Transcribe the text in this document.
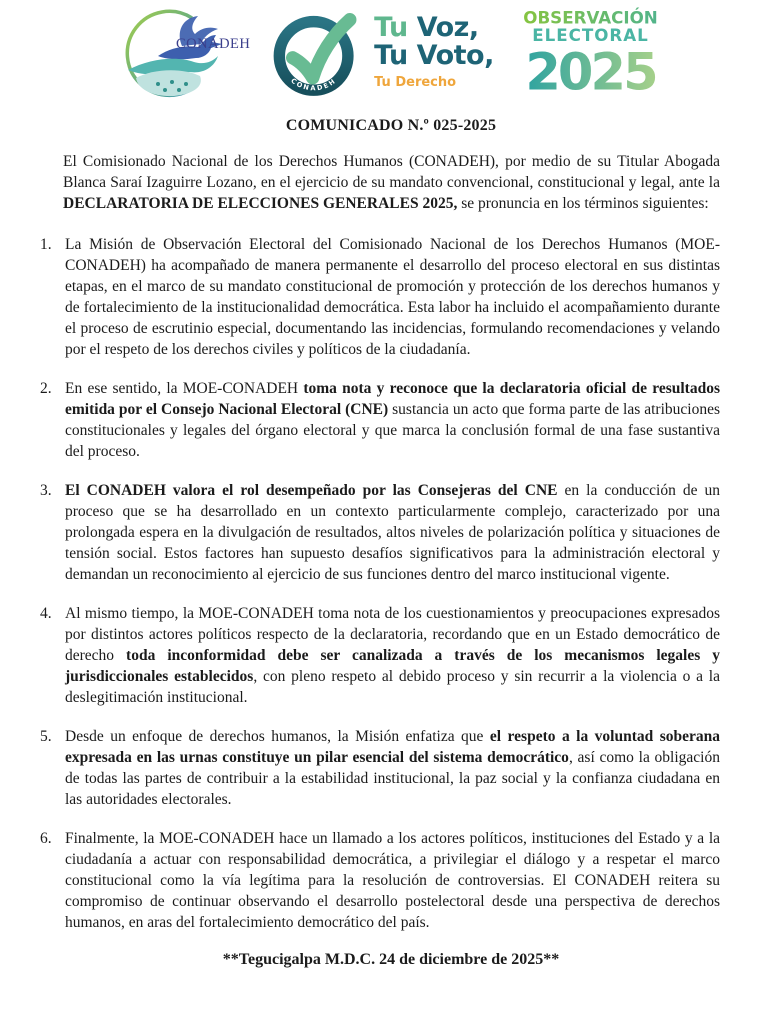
CONADEH
CONADEH
Tu Voz,
Tu Voto,
Tu Derecho
OBSERVACIÓN
ELECTORAL
2025
COMUNICADO N.º 025-2025

El Comisionado Nacional de los Derechos Humanos (CONADEH), por medio de su Titular Abogada Blanca Saraí Izaguirre Lozano, en el ejercicio de su mandato convencional, constitucional y legal, ante la DECLARATORIA DE ELECCIONES GENERALES 2025, se pronuncia en los términos siguientes:

1. La Misión de Observación Electoral del Comisionado Nacional de los Derechos Humanos (MOE-CONADEH) ha acompañado de manera permanente el desarrollo del proceso electoral en sus distintas etapas, en el marco de su mandato constitucional de promoción y protección de los derechos humanos y de fortalecimiento de la institucionalidad democrática. Esta labor ha incluido el acompañamiento durante el proceso de escrutinio especial, documentando las incidencias, formulando recomendaciones y velando por el respeto de los derechos civiles y políticos de la ciudadanía.
2. En ese sentido, la MOE-CONADEH toma nota y reconoce que la declaratoria oficial de resultados emitida por el Consejo Nacional Electoral (CNE) sustancia un acto que forma parte de las atribuciones constitucionales y legales del órgano electoral y que marca la conclusión formal de una fase sustantiva del proceso.
3. El CONADEH valora el rol desempeñado por las Consejeras del CNE en la conducción de un proceso que se ha desarrollado en un contexto particularmente complejo, caracterizado por una prolongada espera en la divulgación de resultados, altos niveles de polarización política y situaciones de tensión social. Estos factores han supuesto desafíos significativos para la administración electoral y demandan un reconocimiento al ejercicio de sus funciones dentro del marco institucional vigente.
4. Al mismo tiempo, la MOE-CONADEH toma nota de los cuestionamientos y preocupaciones expresados por distintos actores políticos respecto de la declaratoria, recordando que en un Estado democrático de derecho toda inconformidad debe ser canalizada a través de los mecanismos legales y jurisdiccionales establecidos, con pleno respeto al debido proceso y sin recurrir a la violencia o a la deslegitimación institucional.
5. Desde un enfoque de derechos humanos, la Misión enfatiza que el respeto a la voluntad soberana expresada en las urnas constituye un pilar esencial del sistema democrático, así como la obligación de todas las partes de contribuir a la estabilidad institucional, la paz social y la confianza ciudadana en las autoridades electorales.
6. Finalmente, la MOE-CONADEH hace un llamado a los actores políticos, instituciones del Estado y a la ciudadanía a actuar con responsabilidad democrática, a privilegiar el diálogo y a respetar el marco constitucional como la vía legítima para la resolución de controversias. El CONADEH reitera su compromiso de continuar observando el desarrollo postelectoral desde una perspectiva de derechos humanos, en aras del fortalecimiento democrático del país.
**Tegucigalpa M.D.C. 24 de diciembre de 2025**
